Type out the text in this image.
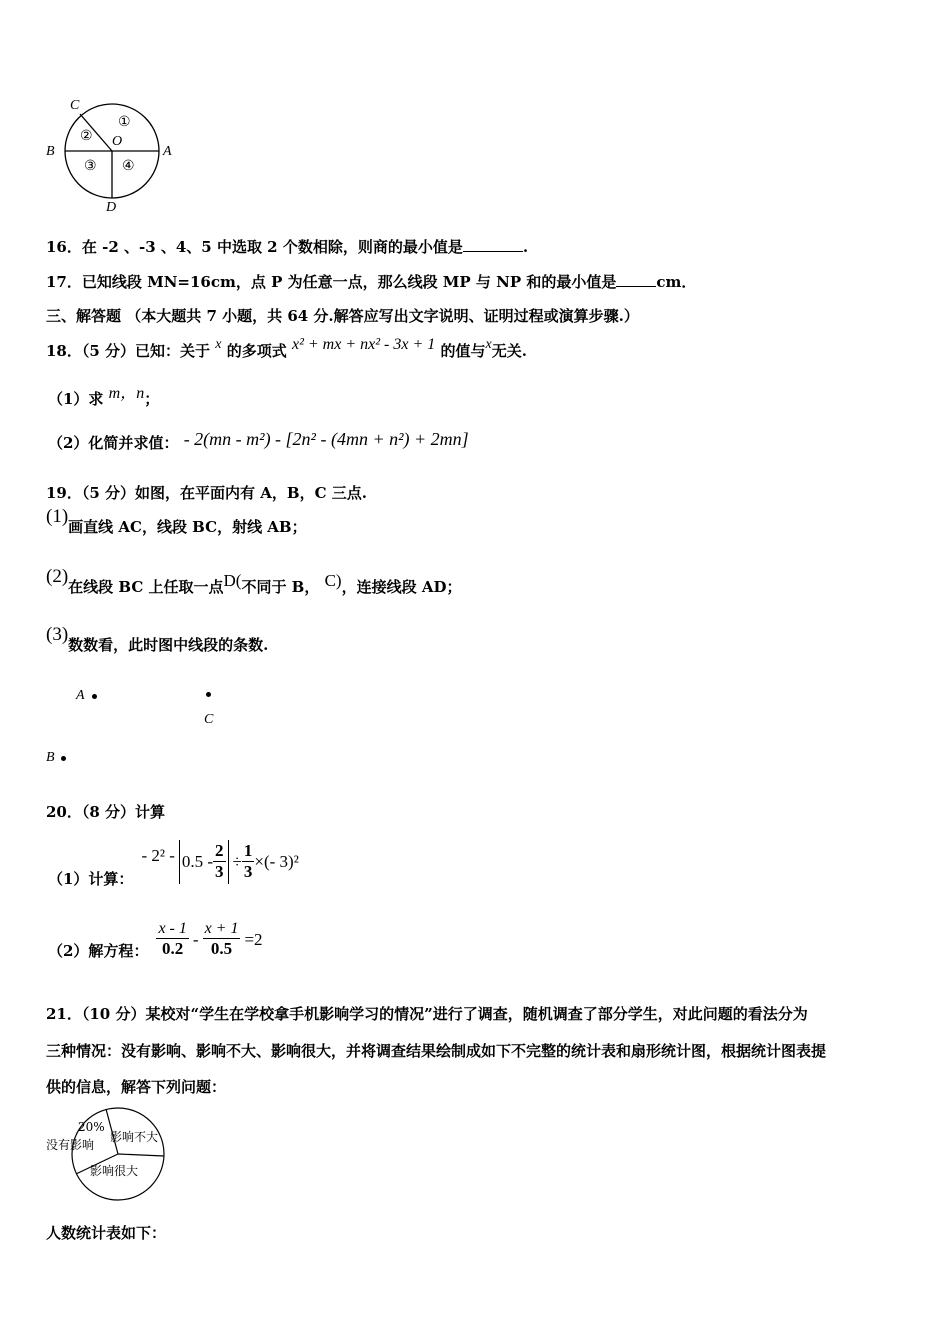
C
B	A
D
O
①
②
③ ④
16．在 -2 、-3 、4、5 中选取 2 个数相除，则商的最小值是	.
17．已知线段 MN=16cm，点 P 为任意一点，那么线段 MP 与 NP 和的最小值是	cm．
三、解答题 （本大题共 7 小题，共 64 分.解答应写出文字说明、证明过程或演算步骤.）
18．（5 分）已知：关于 x 的多项式 x² + mx + nx² - 3x + 1 的值与x无关.
（1）求 m，n；
（2）化简并求值： - 2(mn - m²) - [2n² - (4mn + n²) + 2mn]
19．（5 分）如图，在平面内有 A，B，C 三点.
(1)画直线 AC，线段 BC，射线 AB；
(2)在线段 BC 上任取一点D(不同于 B， C)，连接线段 AD；
(3)数数看，此时图中线段的条数.
A
C
B
20．（8 分）计算
（1）计算：
- $2^2 - 0.5 - \frac{2}{3} \div \frac{1}{3}$ ×(- 3)²
（2）解方程： $\frac{x - 1}{0.2} - \frac{x + 1}{0.5} =2$
21．（10 分）某校对“学生在学校拿手机影响学习的情况”进行了调查，随机调查了部分学生，对此问题的看法分为
三种情况：没有影响、影响不大、影响很大，并将调查结果绘制成如下不完整的统计表和扇形统计图，根据统计图表提
供的信息，解答下列问题：
20%
没有影响
影响不大
影响很大
人数统计表如下：
